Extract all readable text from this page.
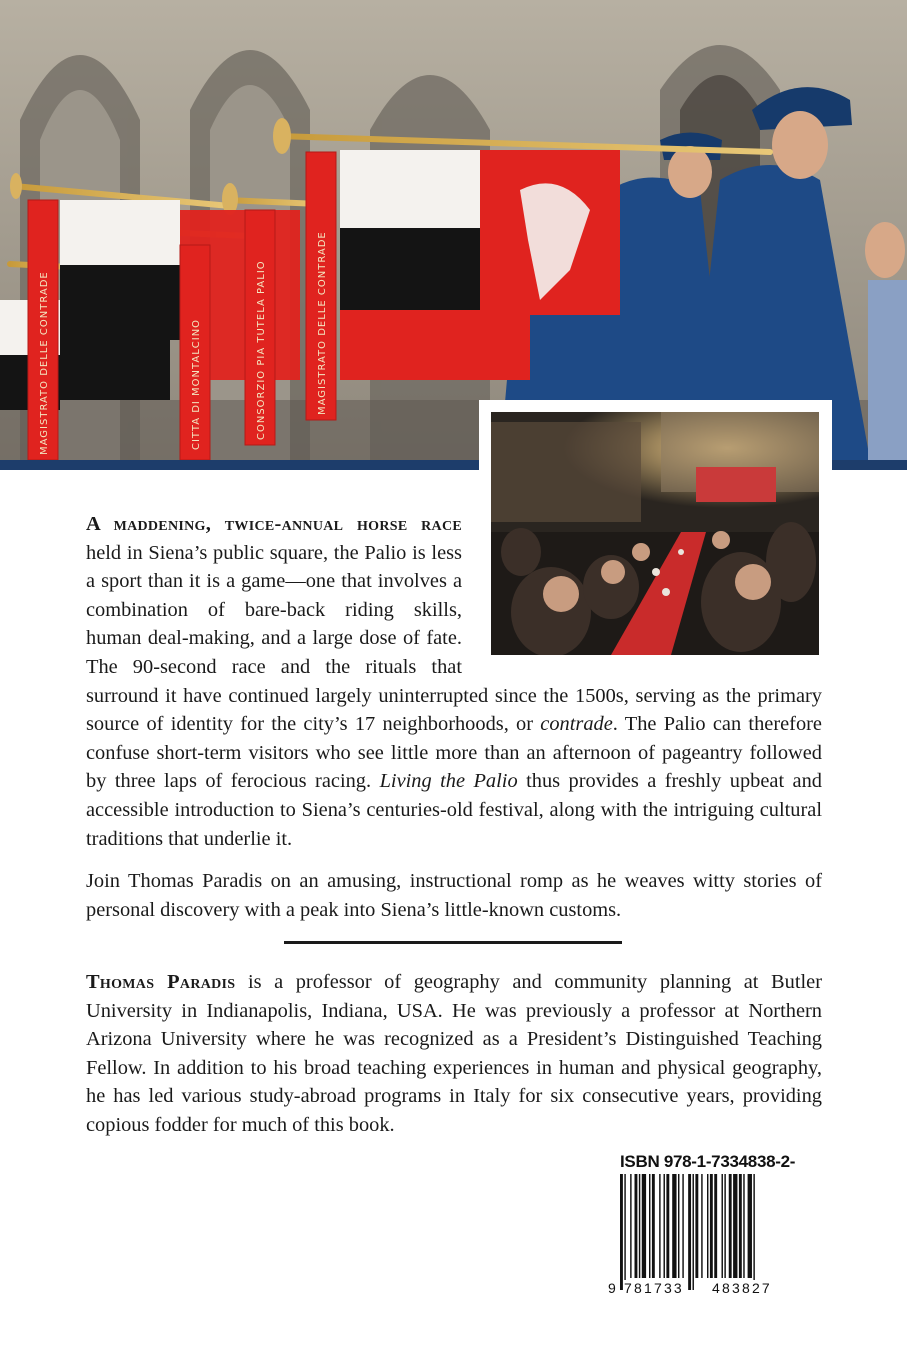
MAGISTRATO DELLE CONTRADE	CITTA DI MONTALCINO	CONSORZIO PIA TUTELA PALIO	MAGISTRATO DELLE CONTRADE

A maddening, twice-annual horse race held in Siena’s public square, the Palio is less a sport than it is a game—one that involves a combination of bare-back riding skills, human deal-making, and a large dose of fate. The 90-second race and the rituals that surround it have continued largely uninterrupted since the 1500s, serving as the primary source of identity for the city’s 17 neighborhoods, or contrade. The Palio can therefore confuse short-term visitors who see little more than an afternoon of pageantry followed by three laps of ferocious racing. Living the Palio thus provides a freshly upbeat and accessible introduction to Siena’s centuries-old festival, along with the intriguing cultural traditions that underlie it.

Join Thomas Paradis on an amusing, instructional romp as he weaves witty stories of personal discovery with a peak into Siena’s little-known customs.

Thomas Paradis is a professor of geography and community planning at Butler University in Indianapolis, Indiana, USA. He was previously a professor at Northern Arizona University where he was recognized as a President’s Distinguished Teaching Fellow. In addition to his broad teaching experiences in human and physical geography, he has led various study-abroad programs in Italy for six consecutive years, providing copious fodder for much of this book.
ISBN 978-1-7334838-2-
9 781733 483827
